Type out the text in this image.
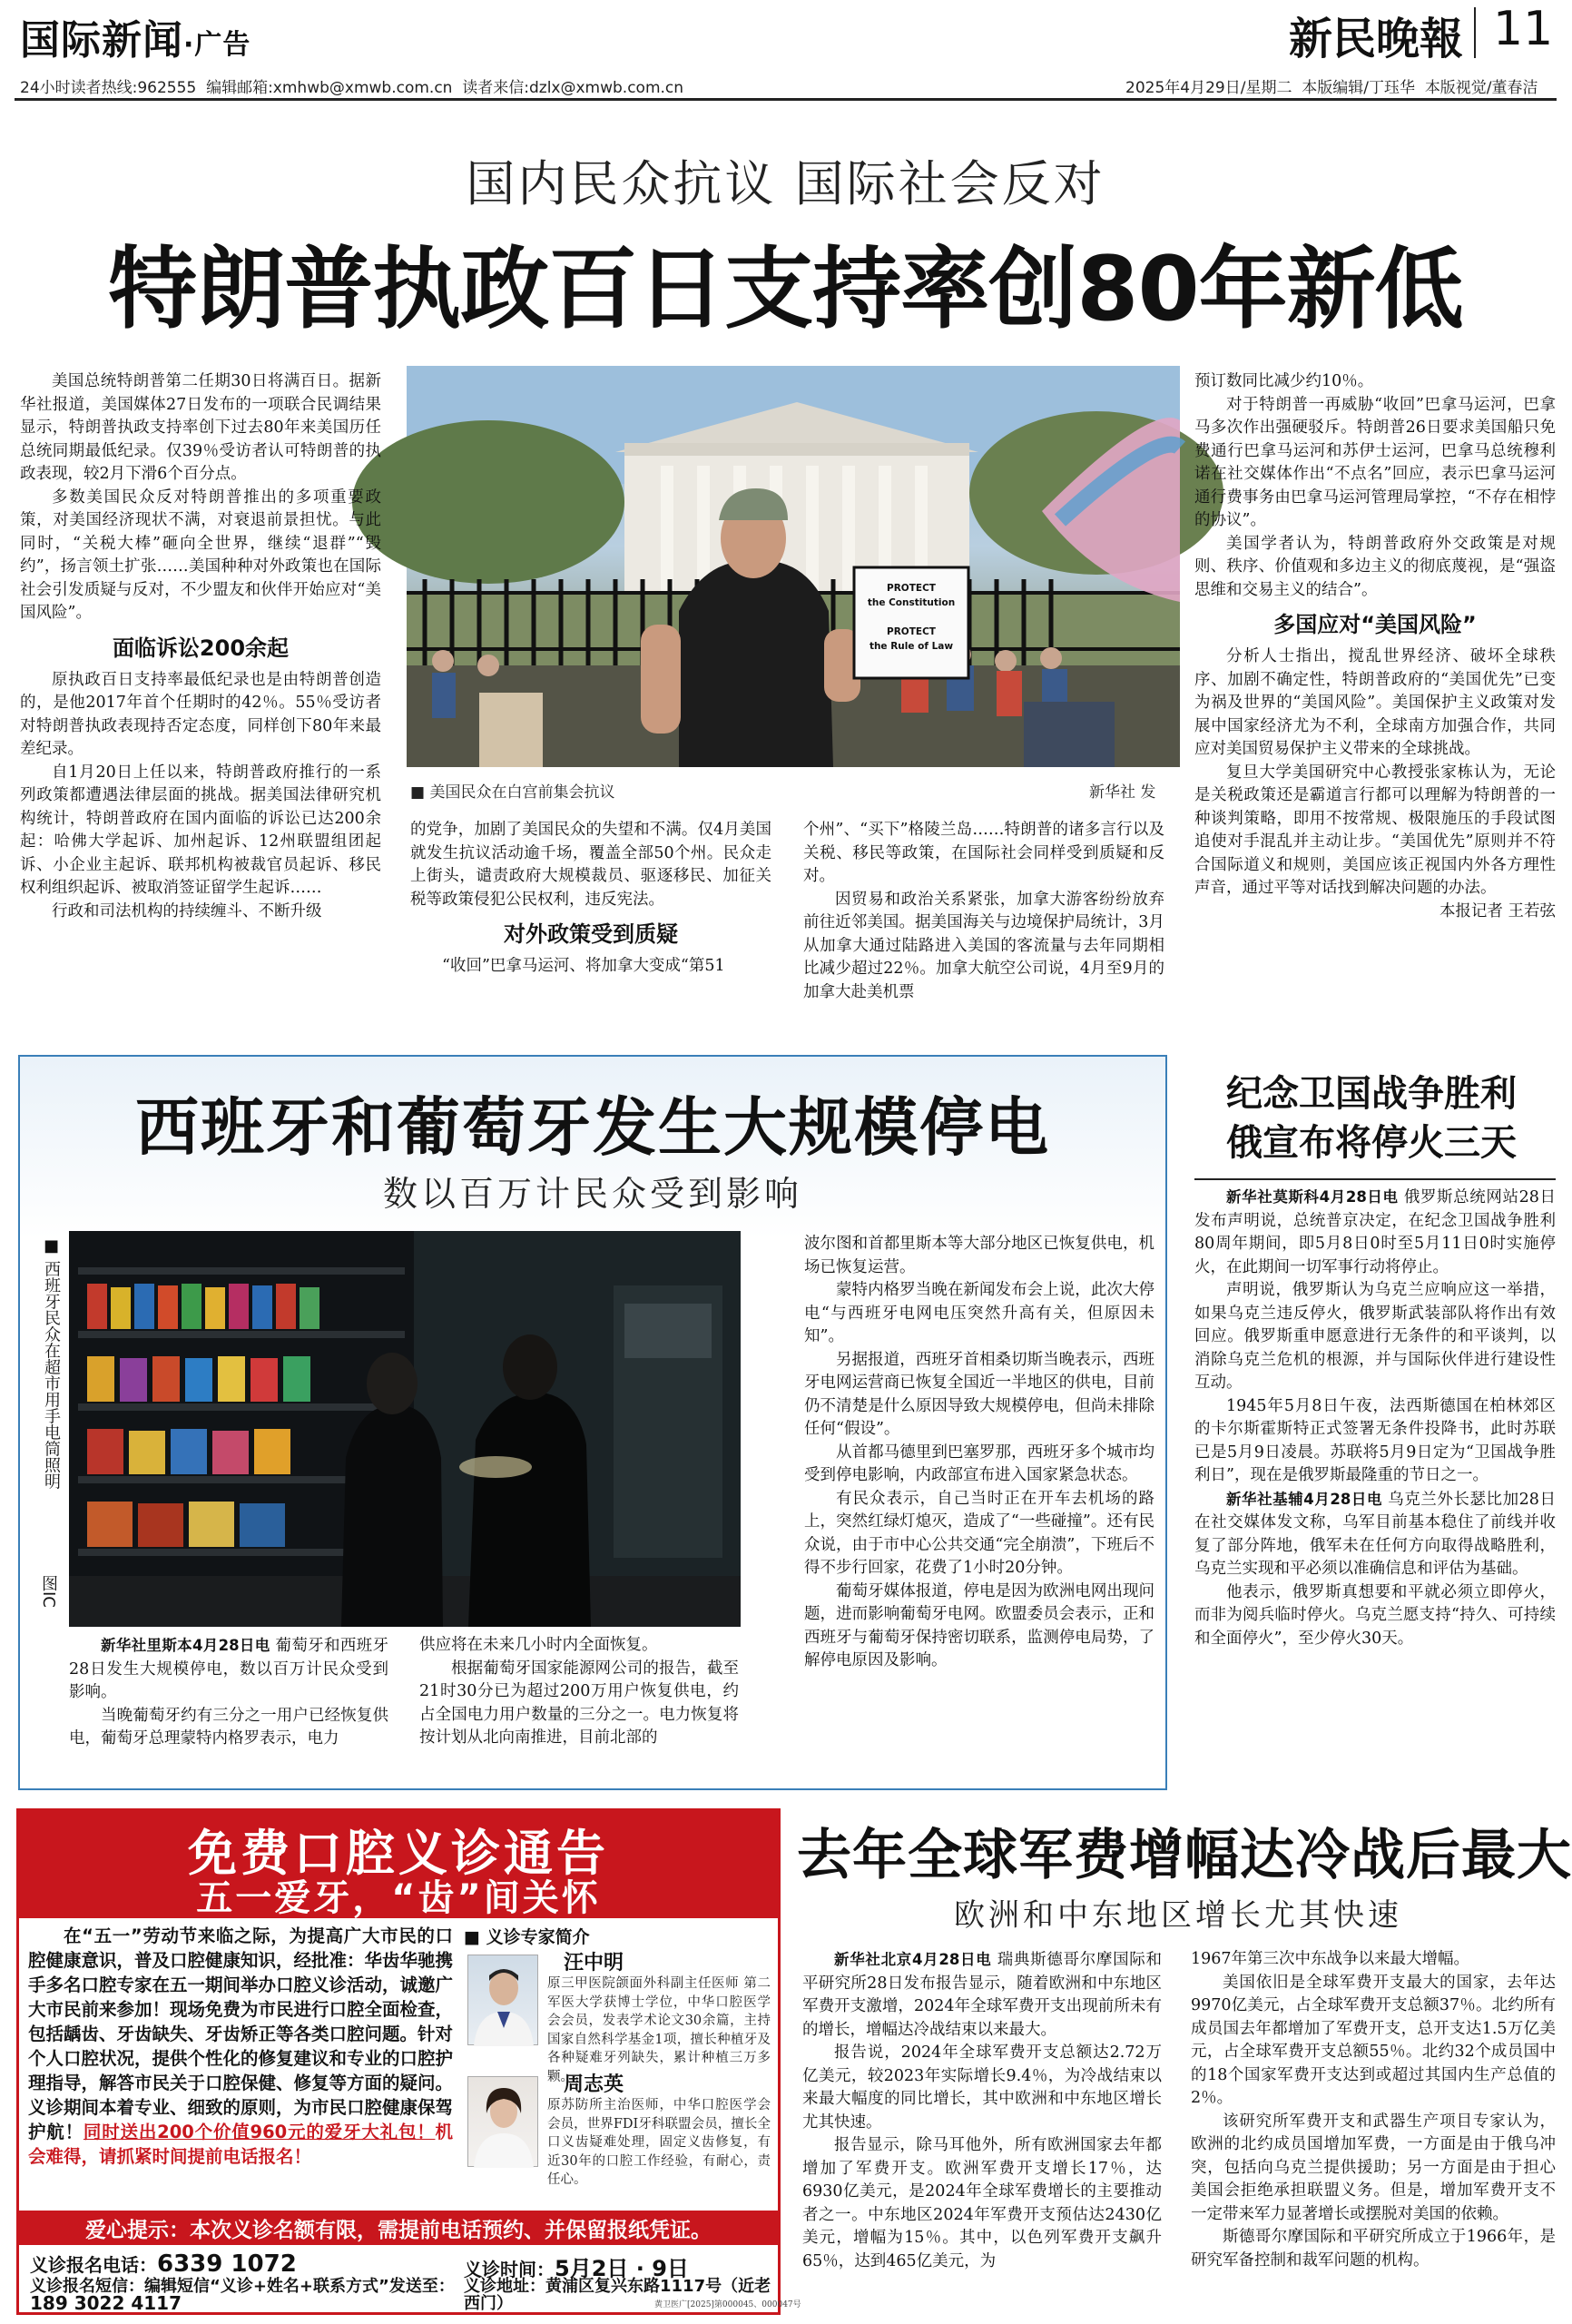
国际新闻·广告	新民晚報 11
24小时读者热线:962555 编辑邮箱:xmhwb@xmwb.com.cn 读者来信:dzlx@xmwb.com.cn	2025年4月29日/星期二 本版编辑/丁珏华 本版视觉/董春洁
国内民众抗议 国际社会反对
特朗普执政百日支持率创80年新低
PROTECT
the Constitution
PROTECT
the Rule of Law
■ 美国民众在白宫前集会抗议	新华社 发

美国总统特朗普第二任期30日将满百日。据新华社报道，美国媒体27日发布的一项联合民调结果显示，特朗普执政支持率创下过去80年来美国历任总统同期最低纪录。仅39％受访者认可特朗普的执政表现，较2月下滑6个百分点。

多数美国民众反对特朗普推出的多项重要政策，对美国经济现状不满，对衰退前景担忧。与此同时，“关税大棒”砸向全世界，继续“退群”“毁约”，扬言领土扩张……美国种种对外政策也在国际社会引发质疑与反对，不少盟友和伙伴开始应对“美国风险”。

面临诉讼200余起

原执政百日支持率最低纪录也是由特朗普创造的，是他2017年首个任期时的42％。55％受访者对特朗普执政表现持否定态度，同样创下80年来最差纪录。

自1月20日上任以来，特朗普政府推行的一系列政策都遭遇法律层面的挑战。据美国法律研究机构统计，特朗普政府在国内面临的诉讼已达200余起：哈佛大学起诉、加州起诉、12州联盟组团起诉、小企业主起诉、联邦机构被裁官员起诉、移民权利组织起诉、被取消签证留学生起诉……

行政和司法机构的持续缠斗、不断升级

的党争，加剧了美国民众的失望和不满。仅4月美国就发生抗议活动逾千场，覆盖全部50个州。民众走上街头，谴责政府大规模裁员、驱逐移民、加征关税等政策侵犯公民权利，违反宪法。

对外政策受到质疑

“收回”巴拿马运河、将加拿大变成“第51

个州”、“买下”格陵兰岛……特朗普的诸多言行以及关税、移民等政策，在国际社会同样受到质疑和反对。

因贸易和政治关系紧张，加拿大游客纷纷放弃前往近邻美国。据美国海关与边境保护局统计，3月从加拿大通过陆路进入美国的客流量与去年同期相比减少超过22％。加拿大航空公司说，4月至9月的加拿大赴美机票

预订数同比减少约10％。

对于特朗普一再威胁“收回”巴拿马运河，巴拿马多次作出强硬驳斥。特朗普26日要求美国船只免费通行巴拿马运河和苏伊士运河，巴拿马总统穆利诺在社交媒体作出“不点名”回应，表示巴拿马运河通行费事务由巴拿马运河管理局掌控，“不存在相悖的协议”。

美国学者认为，特朗普政府外交政策是对规则、秩序、价值观和多边主义的彻底蔑视，是“强盗思维和交易主义的结合”。

多国应对“美国风险”

分析人士指出，搅乱世界经济、破坏全球秩序、加剧不确定性，特朗普政府的“美国优先”已变为祸及世界的“美国风险”。美国保护主义政策对发展中国家经济尤为不利，全球南方加强合作，共同应对美国贸易保护主义带来的全球挑战。

复旦大学美国研究中心教授张家栋认为，无论是关税政策还是霸道言行都可以理解为特朗普的一种谈判策略，即用不按常规、极限施压的手段试图追使对手混乱并主动让步。“美国优先”原则并不符合国际道义和规则，美国应该正视国内外各方理性声音，通过平等对话找到解决问题的办法。

本报记者 王若弦

西班牙和葡萄牙发生大规模停电
数以百万计民众受到影响
■ 西班牙民众在超市用手电筒照明
图IC

新华社里斯本4月28日电 葡萄牙和西班牙28日发生大规模停电，数以百万计民众受到影响。

当晚葡萄牙约有三分之一用户已经恢复供电，葡萄牙总理蒙特内格罗表示，电力

供应将在未来几小时内全面恢复。

根据葡萄牙国家能源网公司的报告，截至21时30分已为超过200万用户恢复供电，约占全国电力用户数量的三分之一。电力恢复将按计划从北向南推进，目前北部的

波尔图和首都里斯本等大部分地区已恢复供电，机场已恢复运营。

蒙特内格罗当晚在新闻发布会上说，此次大停电“与西班牙电网电压突然升高有关，但原因未知”。

另据报道，西班牙首相桑切斯当晚表示，西班牙电网运营商已恢复全国近一半地区的供电，目前仍不清楚是什么原因导致大规模停电，但尚未排除任何“假设”。

从首都马德里到巴塞罗那，西班牙多个城市均受到停电影响，内政部宣布进入国家紧急状态。

有民众表示，自己当时正在开车去机场的路上，突然红绿灯熄灭，造成了“一些碰撞”。还有民众说，由于市中心公共交通“完全崩溃”，下班后不得不步行回家，花费了1小时20分钟。

葡萄牙媒体报道，停电是因为欧洲电网出现问题，进而影响葡萄牙电网。欧盟委员会表示，正和西班牙与葡萄牙保持密切联系，监测停电局势，了解停电原因及影响。

纪念卫国战争胜利
俄宣布将停火三天

新华社莫斯科4月28日电 俄罗斯总统网站28日发布声明说，总统普京决定，在纪念卫国战争胜利80周年期间，即5月8日0时至5月11日0时实施停火，在此期间一切军事行动将停止。

声明说，俄罗斯认为乌克兰应响应这一举措，如果乌克兰违反停火，俄罗斯武装部队将作出有效回应。俄罗斯重申愿意进行无条件的和平谈判，以消除乌克兰危机的根源，并与国际伙伴进行建设性互动。

1945年5月8日午夜，法西斯德国在柏林郊区的卡尔斯霍斯特正式签署无条件投降书，此时苏联已是5月9日凌晨。苏联将5月9日定为“卫国战争胜利日”，现在是俄罗斯最隆重的节日之一。

新华社基辅4月28日电 乌克兰外长瑟比加28日在社交媒体发文称，乌军目前基本稳住了前线并收复了部分阵地，俄军未在任何方向取得战略胜利，乌克兰实现和平必须以准确信息和评估为基础。

他表示，俄罗斯真想要和平就必须立即停火，而非为阅兵临时停火。乌克兰愿支持“持久、可持续和全面停火”，至少停火30天。

免费口腔义诊通告
五一爱牙，“齿”间关怀
在“五一”劳动节来临之际，为提高广大市民的口腔健康意识，普及口腔健康知识，经批准：华齿华驰携手多名口腔专家在五一期间举办口腔义诊活动，诚邀广大市民前来参加！现场免费为市民进行口腔全面检查，包括龋齿、牙齿缺失、牙齿矫正等各类口腔问题。针对个人口腔状况，提供个性化的修复建议和专业的口腔护理指导，解答市民关于口腔保健、修复等方面的疑问。义诊期间本着专业、细致的原则，为市民口腔健康保驾护航！同时送出200个价值960元的爱牙大礼包！机会难得，请抓紧时间提前电话报名！
■ 义诊专家简介
汪中明
原三甲医院颌面外科副主任医师 第二军医大学获博士学位，中华口腔医学会会员，发表学术论文30余篇，主持国家自然科学基金1项，擅长种植牙及各种疑难牙列缺失，累计种植三万多颗。
周志英
原苏防所主治医师，中华口腔医学会会员，世界FDI牙科联盟会员，擅长全口义齿疑难处理，固定义齿修复，有近30年的口腔工作经验，有耐心，责任心。
爱心提示：本次义诊名额有限，需提前电话预约、并保留报纸凭证。
义诊报名电话：6339 1072
义诊报名短信：编辑短信“义诊+姓名+联系方式”发送至：189 3022 4117
义诊时间：5月2日 · 9日
义诊地址：黄浦区复兴东路1117号（近老西门）	黄卫医广[2025]第000045、000047号
去年全球军费增幅达冷战后最大
欧洲和中东地区增长尤其快速

新华社北京4月28日电 瑞典斯德哥尔摩国际和平研究所28日发布报告显示，随着欧洲和中东地区军费开支激增，2024年全球军费开支出现前所未有的增长，增幅达冷战结束以来最大。

报告说，2024年全球军费开支总额达2.72万亿美元，较2023年实际增长9.4％，为冷战结束以来最大幅度的同比增长，其中欧洲和中东地区增长尤其快速。

报告显示，除马耳他外，所有欧洲国家去年都增加了军费开支。欧洲军费开支增长17％，达6930亿美元，是2024年全球军费增长的主要推动者之一。中东地区2024年军费开支预估达2430亿美元，增幅为15％。其中，以色列军费开支飙升65％，达到465亿美元，为

1967年第三次中东战争以来最大增幅。

美国依旧是全球军费开支最大的国家，去年达9970亿美元，占全球军费开支总额37％。北约所有成员国去年都增加了军费开支，总开支达1.5万亿美元，占全球军费开支总额55％。北约32个成员国中的18个国家军费开支达到或超过其国内生产总值的2％。

该研究所军费开支和武器生产项目专家认为，欧洲的北约成员国增加军费，一方面是由于俄乌冲突，包括向乌克兰提供援助；另一方面是由于担心美国会拒绝承担联盟义务。但是，增加军费开支不一定带来军力显著增长或摆脱对美国的依赖。

斯德哥尔摩国际和平研究所成立于1966年，是研究军备控制和裁军问题的机构。
